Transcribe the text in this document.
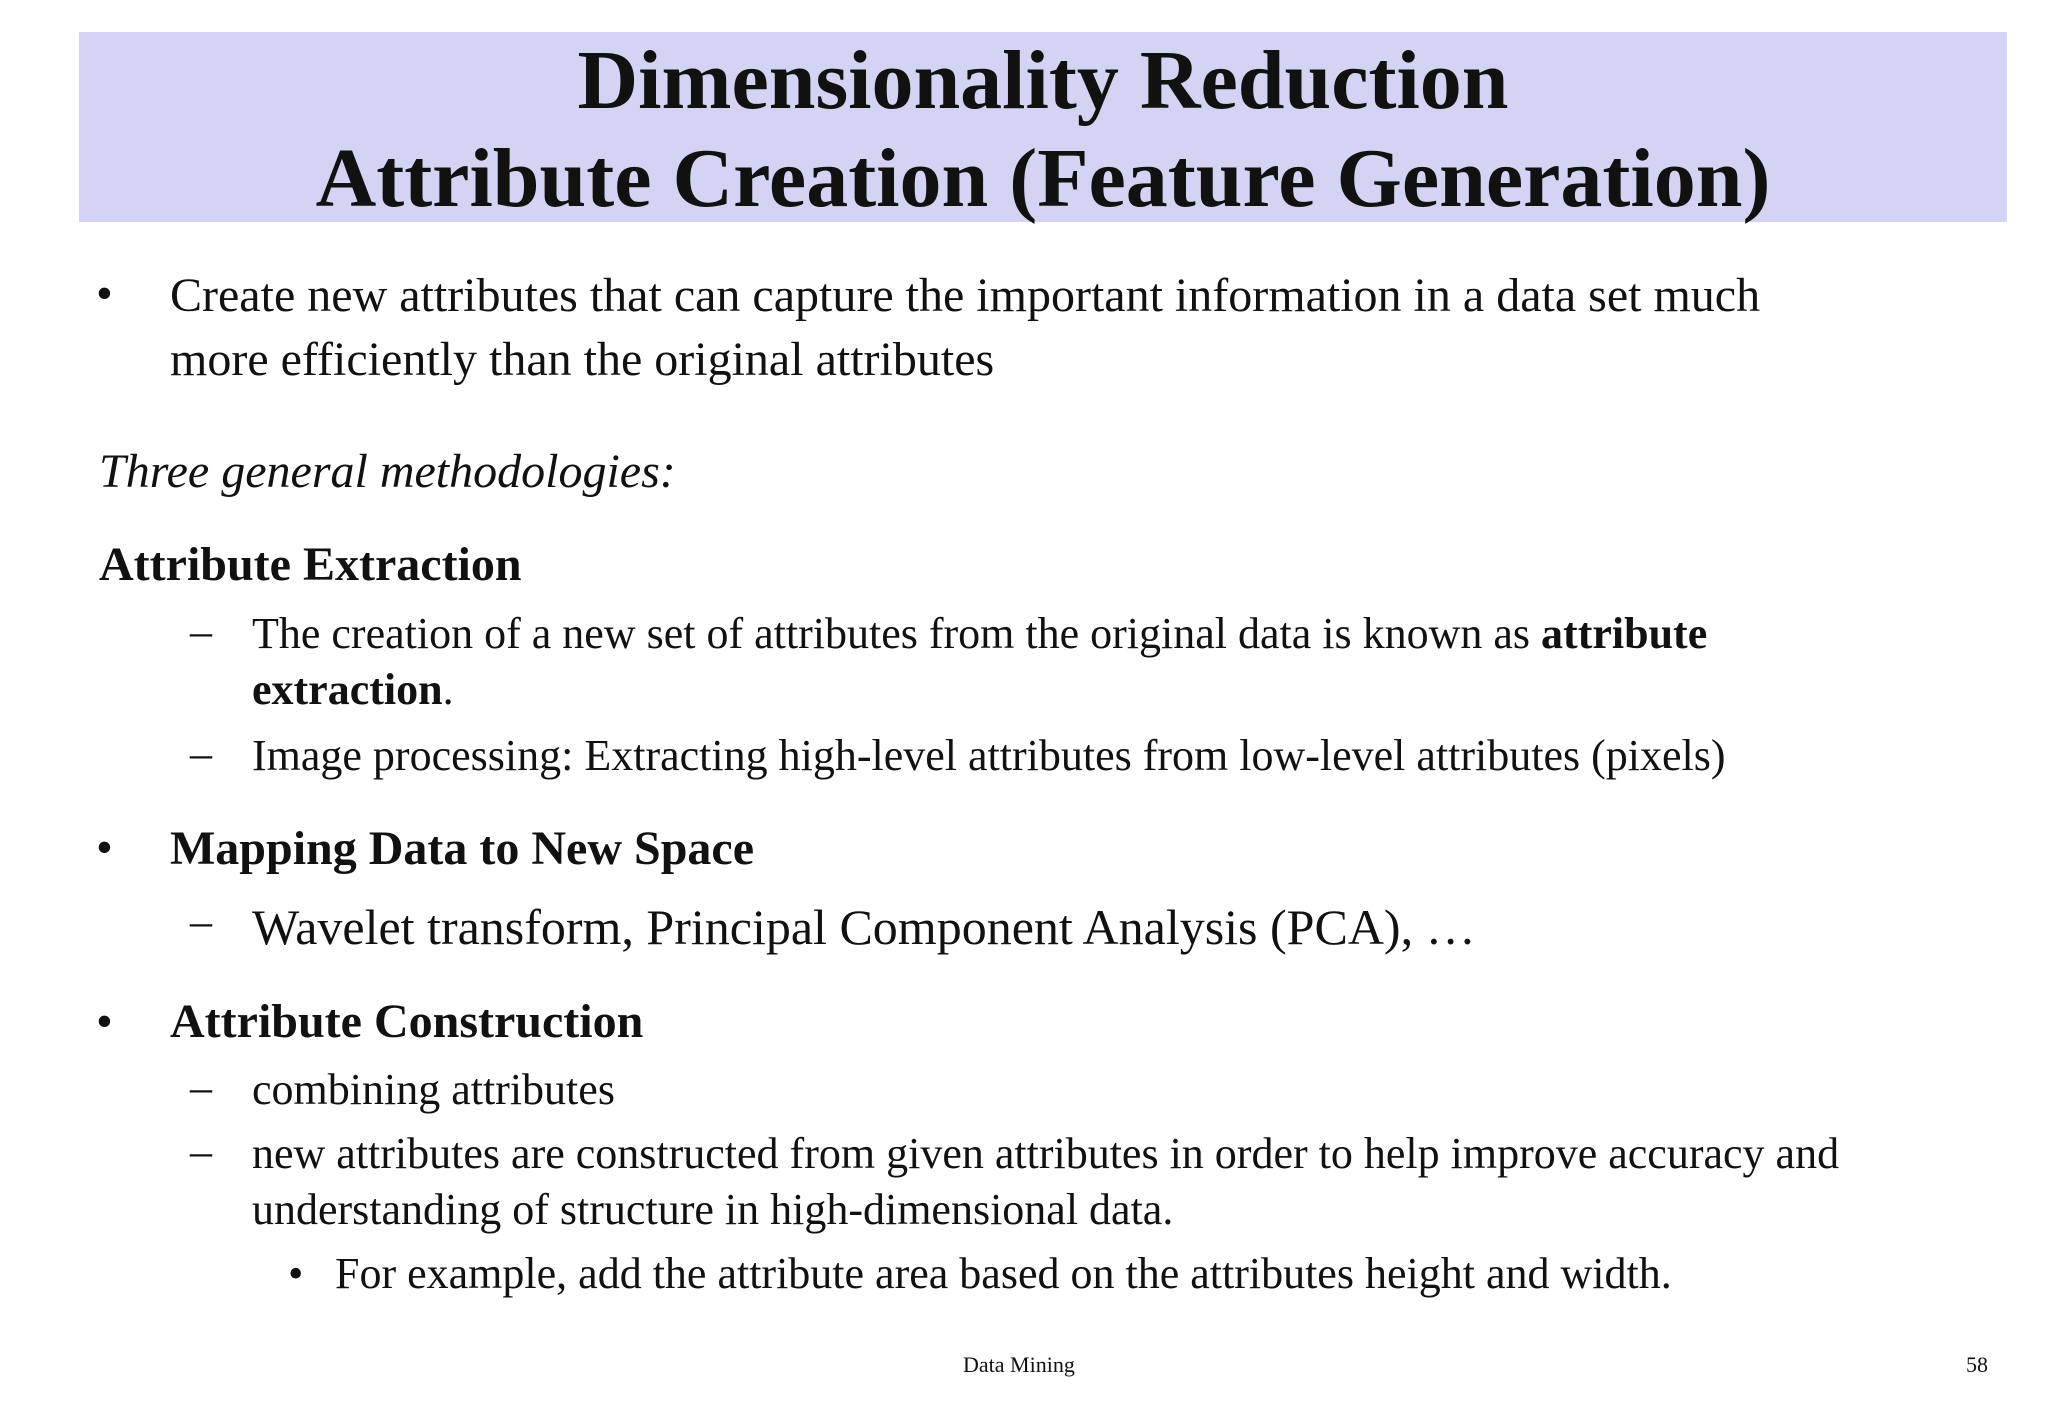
Dimensionality Reduction
Attribute Creation (Feature Generation)
• Create new attributes that can capture the important information in a data set much
more efficiently than the original attributes
Three general methodologies:
Attribute Extraction
– The creation of a new set of attributes from the original data is known as attribute
extraction.
– Image processing: Extracting high-level attributes from low-level attributes (pixels)
• Mapping Data to New Space
– Wavelet transform, Principal Component Analysis (PCA), …
• Attribute Construction
– combining attributes
– new attributes are constructed from given attributes in order to help improve accuracy and
understanding of structure in high-dimensional data.
• For example, add the attribute area based on the attributes height and width.
Data Mining	58
